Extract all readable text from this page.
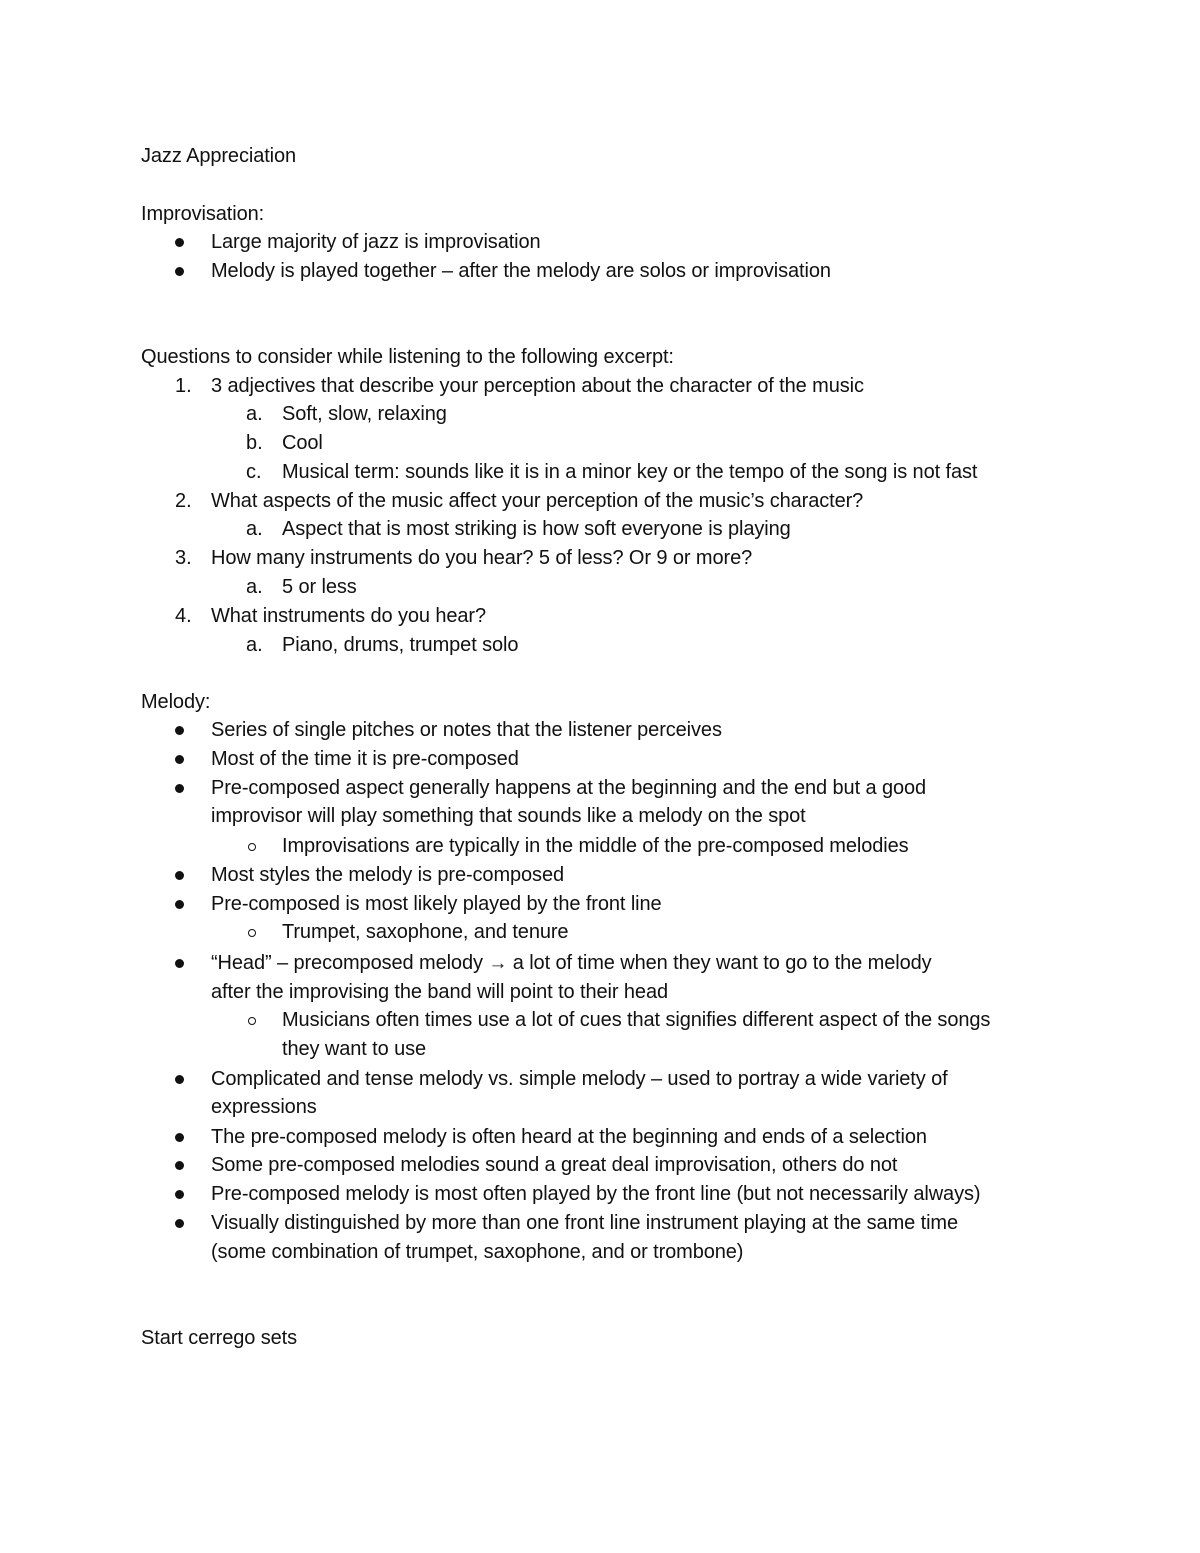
Jazz Appreciation
Improvisation:
Large majority of jazz is improvisation
Melody is played together – after the melody are solos or improvisation
Questions to consider while listening to the following excerpt:
1. 3 adjectives that describe your perception about the character of the music
a. Soft, slow, relaxing
b. Cool
c. Musical term: sounds like it is in a minor key or the tempo of the song is not fast
2. What aspects of the music affect your perception of the music’s character?
a. Aspect that is most striking is how soft everyone is playing
3. How many instruments do you hear? 5 of less? Or 9 or more?
a. 5 or less
4. What instruments do you hear?
a. Piano, drums, trumpet solo
Melody:
Series of single pitches or notes that the listener perceives
Most of the time it is pre-composed
Pre-composed aspect generally happens at the beginning and the end but a good
improvisor will play something that sounds like a melody on the spot
Improvisations are typically in the middle of the pre-composed melodies
Most styles the melody is pre-composed
Pre-composed is most likely played by the front line
Trumpet, saxophone, and tenure
“Head” – precomposed melody → a lot of time when they want to go to the melody
after the improvising the band will point to their head
Musicians often times use a lot of cues that signifies different aspect of the songs
they want to use
Complicated and tense melody vs. simple melody – used to portray a wide variety of
expressions
The pre-composed melody is often heard at the beginning and ends of a selection
Some pre-composed melodies sound a great deal improvisation, others do not
Pre-composed melody is most often played by the front line (but not necessarily always)
Visually distinguished by more than one front line instrument playing at the same time
(some combination of trumpet, saxophone, and or trombone)
Start cerrego sets
